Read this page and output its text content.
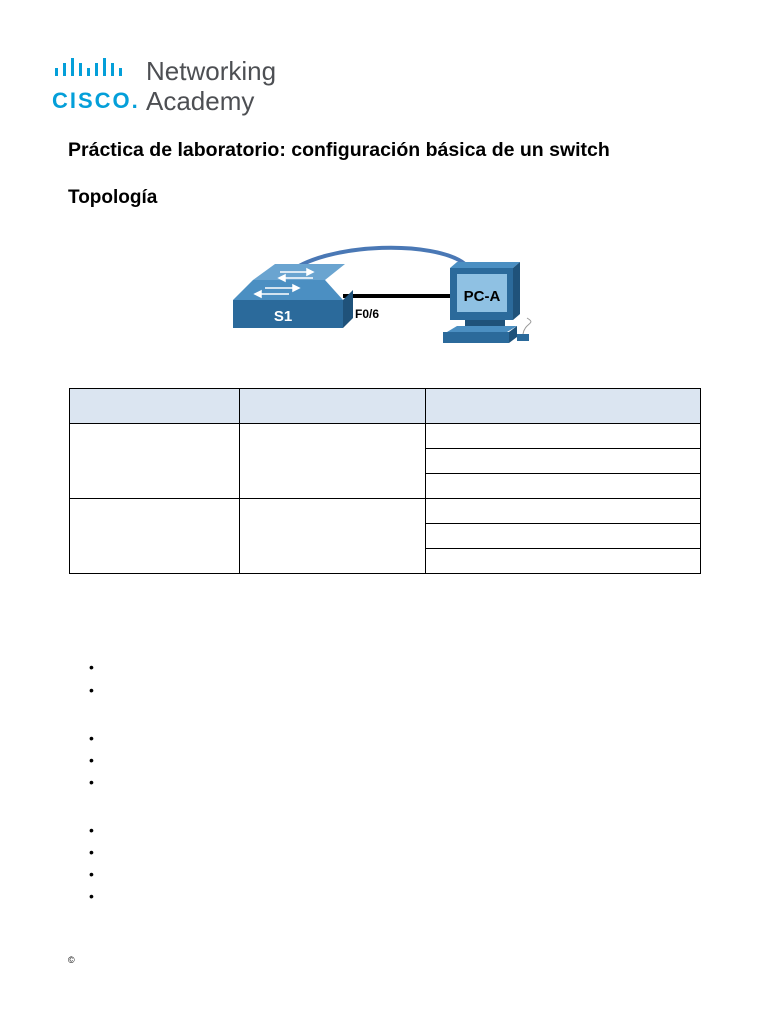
CISCO.
Networking
Academy
Práctica de laboratorio: configuración básica de un switch
Topología
S1	F0/6
PC-A

•
•
•
•
•
•
•
•
•
©
